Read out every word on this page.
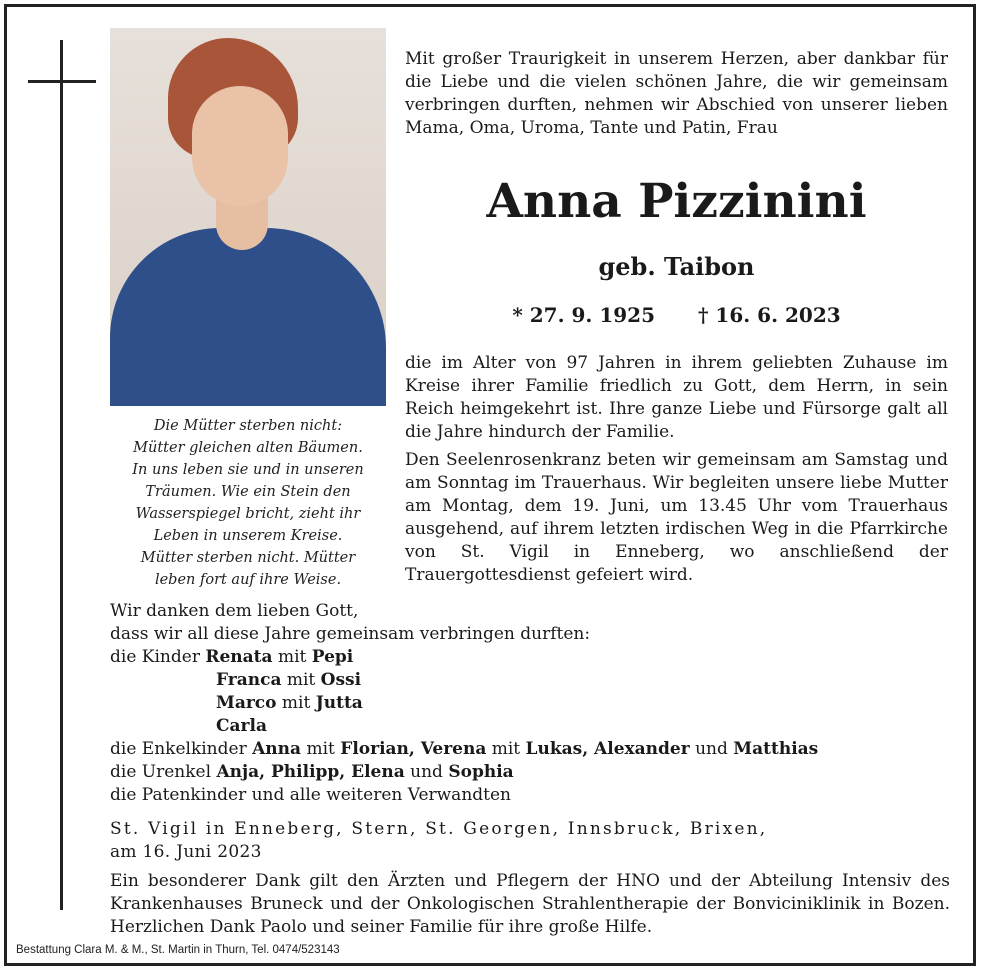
Die Mütter sterben nicht:
Mütter gleichen alten Bäumen.
In uns leben sie und in unseren
Träumen. Wie ein Stein den
Wasserspiegel bricht, zieht ihr
Leben in unserem Kreise.
Mütter sterben nicht. Mütter
leben fort auf ihre Weise.
Mit großer Traurigkeit in unserem Herzen, aber dankbar für die Liebe und die vielen schönen Jahre, die wir gemeinsam verbringen durften, nehmen wir Abschied von unserer lieben Mama, Oma, Uroma, Tante und Patin, Frau
Anna Pizzinini
geb. Taibon
* 27. 9. 1925 † 16. 6. 2023
die im Alter von 97 Jahren in ihrem geliebten Zuhause im Kreise ihrer Familie friedlich zu Gott, dem Herrn, in sein Reich heimgekehrt ist. Ihre ganze Liebe und Fürsorge galt all die Jahre hindurch der Familie.
Den Seelenrosenkranz beten wir gemeinsam am Samstag und am Sonntag im Trauerhaus. Wir begleiten unsere liebe Mutter am Montag, dem 19. Juni, um 13.45 Uhr vom Trauerhaus ausgehend, auf ihrem letzten irdischen Weg in die Pfarrkirche von St. Vigil in Enneberg, wo anschließend der Trauergottesdienst gefeiert wird.
Wir danken dem lieben Gott,
dass wir all diese Jahre gemeinsam verbringen durften:
die Kinder Renata mit Pepi
Franca mit Ossi
Marco mit Jutta
Carla
die Enkelkinder Anna mit Florian, Verena mit Lukas, Alexander und Matthias
die Urenkel Anja, Philipp, Elena und Sophia
die Patenkinder und alle weiteren Verwandten
St. Vigil in Enneberg, Stern, St. Georgen, Innsbruck, Brixen,
am 16. Juni 2023
Ein besonderer Dank gilt den Ärzten und Pflegern der HNO und der Abteilung Intensiv des Krankenhauses Bruneck und der Onkologischen Strahlentherapie der Bonviciniklinik in Bozen. Herzlichen Dank Paolo und seiner Familie für ihre große Hilfe.
Bestattung Clara M. & M., St. Martin in Thurn, Tel. 0474/523143
